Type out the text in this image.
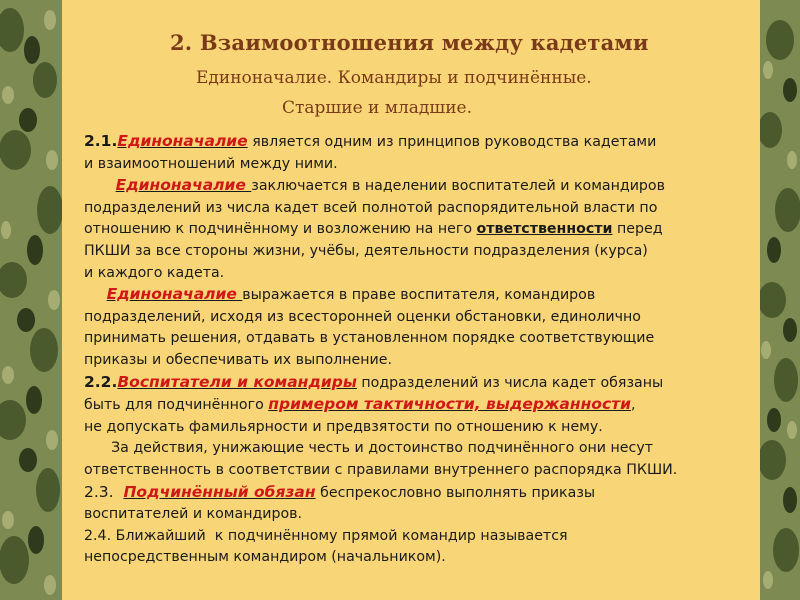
2. Взаимоотношения между кадетами
Единоначалие. Командиры и подчинённые.
Старшие и младшие.

2.1.Единоначалие является одним из принципов руководства кадетами
и взаимоотношений между ними.

Единоначалие заключается в наделении воспитателей и командиров
подразделений из числа кадет всей полнотой распорядительной власти по
отношению к подчинённому и возложению на него ответственности перед
ПКШИ за все стороны жизни, учёбы, деятельности подразделения (курса)
и каждого кадета.

Единоначалие выражается в праве воспитателя, командиров
подразделений, исходя из всесторонней оценки обстановки, единолично
принимать решения, отдавать в установленном порядке соответствующие
приказы и обеспечивать их выполнение.

2.2.Воспитатели и командиры подразделений из числа кадет обязаны
быть для подчинённого примером тактичности, выдержанности,
не допускать фамильярности и предвзятости по отношению к нему.

За действия, унижающие честь и достоинство подчинённого они несут
ответственность в соответствии с правилами внутреннего распорядка ПКШИ.

2.3.  Подчинённый обязан беспрекословно выполнять приказы
воспитателей и командиров.

2.4. Ближайший  к подчинённому прямой командир называется
непосредственным командиром (начальником).
